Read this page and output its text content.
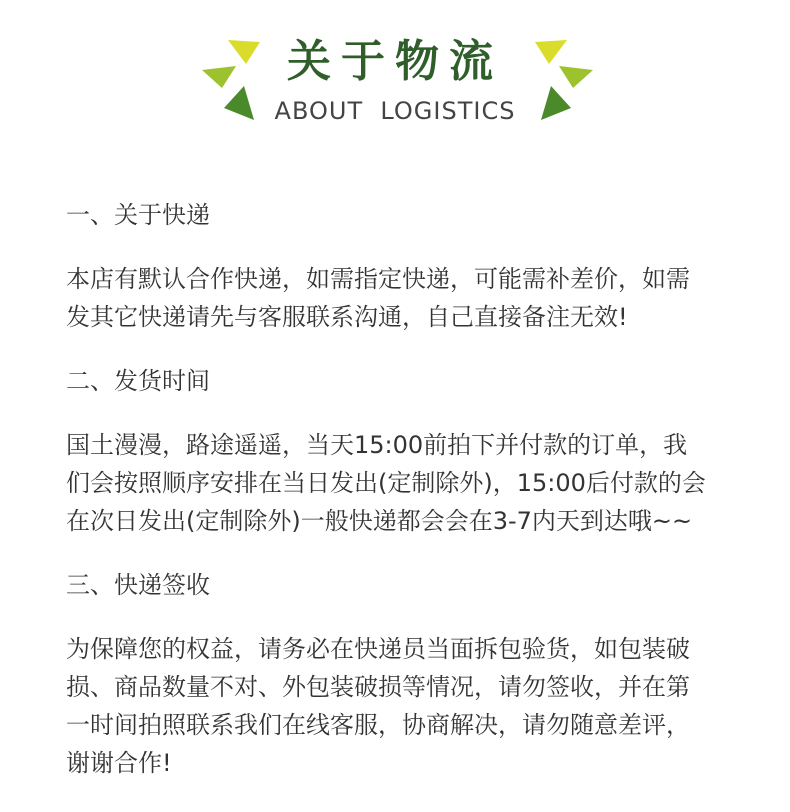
关于物流
ABOUT  LOGISTICS

一、关于快递

本店有默认合作快递，如需指定快递，可能需补差价，如需
发其它快递请先与客服联系沟通，自己直接备注无效!

二、发货时间

国土漫漫，路途遥遥，当天15:00前拍下并付款的订单，我
们会按照顺序安排在当日发出(定制除外)，15:00后付款的会
在次日发出(定制除外)一般快递都会会在3-7内天到达哦~~

三、快递签收

为保障您的权益，请务必在快递员当面拆包验货，如包装破
损、商品数量不对、外包装破损等情况，请勿签收，并在第
一时间拍照联系我们在线客服，协商解决，请勿随意差评，
谢谢合作!
